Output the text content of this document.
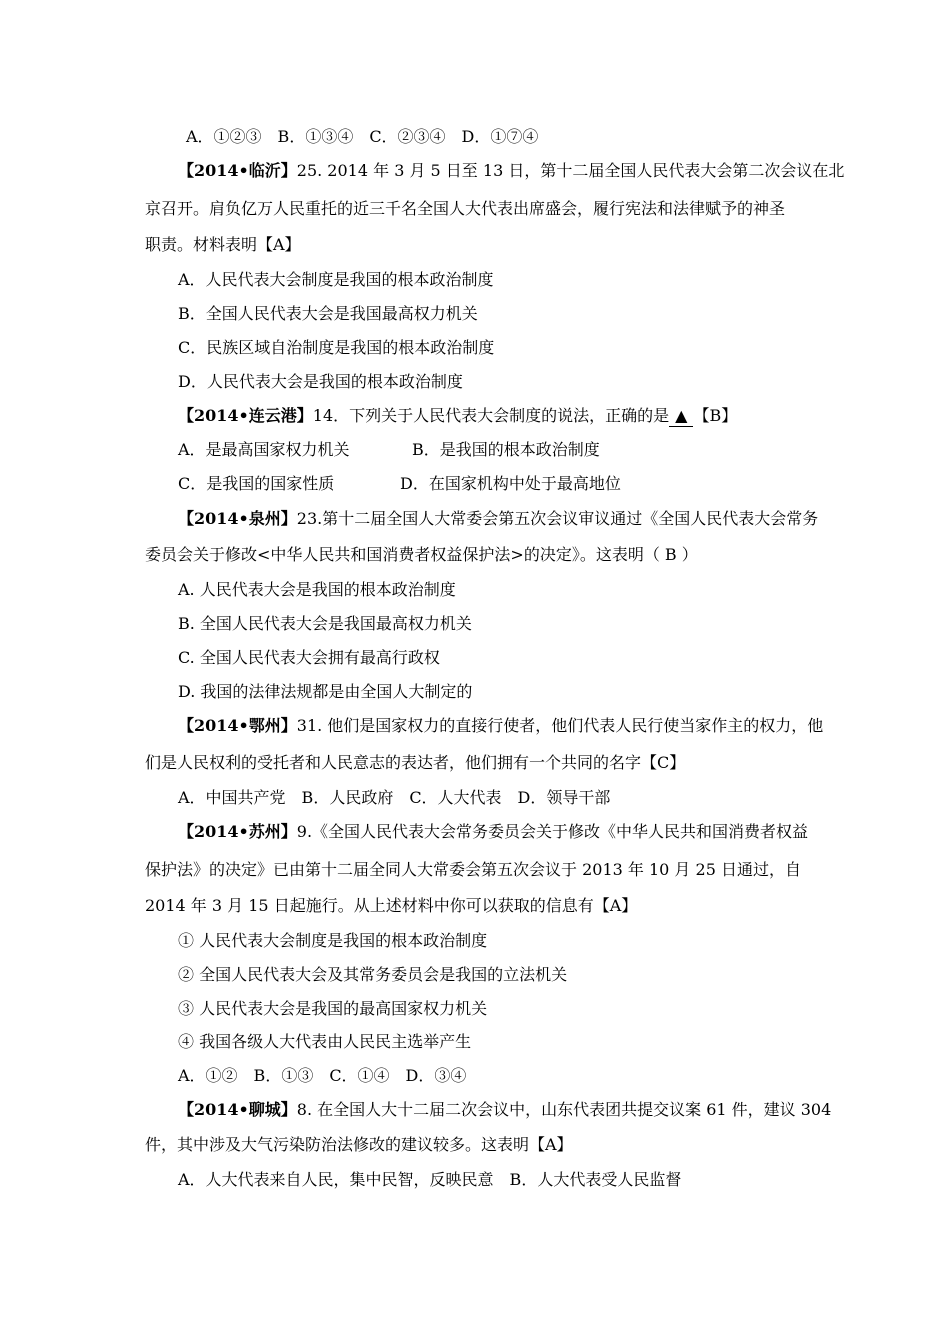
A．①②③　B．①③④　C．②③④　D．①⑦④
【2014•临沂】25. 2014 年 3 月 5 日至 13 日，第十二届全国人民代表大会第二次会议在北
京召开。肩负亿万人民重托的近三千名全国人大代表出席盛会，履行宪法和法律赋予的神圣
职责。材料表明【A】
A．人民代表大会制度是我国的根本政治制度
B．全国人民代表大会是我国最高权力机关
C．民族区域自治制度是我国的根本政治制度
D．人民代表大会是我国的根本政治制度
【2014•连云港】14．下列关于人民代表大会制度的说法，正确的是 ▲ 【B】
A．是最高国家权力机关	B．是我国的根本政治制度
C．是我国的国家性质	D．在国家机构中处于最高地位
【2014•泉州】23.第十二届全国人大常委会第五次会议审议通过《全国人民代表大会常务
委员会关于修改<中华人民共和国消费者权益保护法>的决定》。这表明（ B ）
A. 人民代表大会是我国的根本政治制度
B. 全国人民代表大会是我国最高权力机关
C. 全国人民代表大会拥有最高行政权
D. 我国的法律法规都是由全国人大制定的
【2014•鄂州】31. 他们是国家权力的直接行使者，他们代表人民行使当家作主的权力，他
们是人民权利的受托者和人民意志的表达者，他们拥有一个共同的名字【C】
A．中国共产党　B．人民政府　C．人大代表　D．领导干部
【2014•苏州】9.《全国人民代表大会常务委员会关于修改《中华人民共和国消费者权益
保护法》的决定》已由第十二届全同人大常委会第五次会议于 2013 年 10 月 25 日通过，自
2014 年 3 月 15 日起施行。从上述材料中你可以获取的信息有【A】
① 人民代表大会制度是我国的根本政治制度
② 全国人民代表大会及其常务委员会是我国的立法机关
③ 人民代表大会是我国的最高国家权力机关
④ 我国各级人大代表由人民民主选举产生
A．①②　B．①③　C．①④　D．③④
【2014•聊城】8. 在全国人大十二届二次会议中，山东代表团共提交议案 61 件，建议 304
件，其中涉及大气污染防治法修改的建议较多。这表明【A】
A．人大代表来自人民，集中民智，反映民意　B．人大代表受人民监督
